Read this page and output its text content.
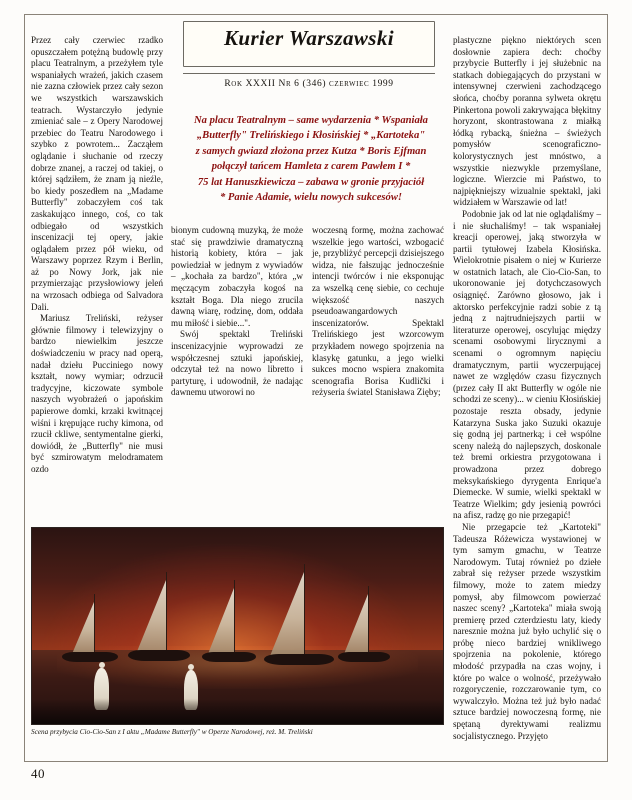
Kurier Warszawski
Rok XXXII Nr 6 (346) czerwiec 1999
Na placu Teatralnym – same wydarzenia * Wspaniała
„Butterfly" Trelińskiego i Kłosińskiej * „Kartoteka"
z samych gwiazd złożona przez Kutza * Boris Ejfman
połączył tańcem Hamleta z carem Pawłem I *
75 lat Hanuszkiewicza – zabawa w gronie przyjaciół
* Panie Adamie, wielu nowych sukcesów!

Przez cały czerwiec rzadko opuszczałem potężną budowlę przy placu Teatralnym, a przeżyłem tyle wspaniałych wrażeń, jakich czasem nie zazna człowiek przez cały sezon we wszystkich warszawskich teatrach. Wystarczyło jedynie zmieniać sale – z Opery Narodowej przebiec do Teatru Narodowego i szybko z powrotem... Zacząłem oglądanie i słuchanie od rzeczy dobrze znanej, a raczej od takiej, o której sądziłem, że znam ją nieźle, bo kiedy poszedłem na „Madame Butterfly" zobaczyłem coś tak zaskakująco innego, coś, co tak odbiegało od wszystkich inscenizacji tej opery, jakie oglądałem przez pół wieku, od Warszawy poprzez Rzym i Berlin, aż po Nowy Jork, jak nie przymierzając przysłowiowy jeleń na wrzosach odbiega od Salvadora Dali.

Mariusz Treliński, reżyser głównie filmowy i telewizyjny o bardzo niewielkim jeszcze doświadczeniu w pracy nad operą, nadał dziełu Pucciniego nowy kształt, nowy wymiar; odrzucił tradycyjne, kiczowate symbole naszych wyobrażeń o japońskim papierowe domki, krzaki kwitnącej wiśni i krępujące ruchy kimona, od rzucił ckliwe, sentymentalne gierki, dowiódł, że „Butterfly" nie musi być szmirowatym melodramatem ozdo

bionym cudowną muzyką, że może stać się prawdziwie dramatyczną historią kobiety, która – jak powiedział w jednym z wywiadów – „kochała za bardzo", która „w męczącym zobaczyła kogoś na kształt Boga. Dla niego zrucila dawną wiarę, rodzinę, dom, oddała mu miłość i siebie...".

Swój spektakl Treliński inscenizacyjnie wyprowadzi ze współczesnej sztuki japońskiej, odczytał też na nowo libretto i partyturę, i udowodnił, że nadając dawnemu utworowi no

woczesną formę, można zachować wszelkie jego wartości, wzbogacić je, przybliżyć percepcji dzisiejszego widza, nie fałszując jednocześnie intencji twórców i nie eksponując za wszelką cenę siebie, co cechuje większość naszych pseudoawangardowych inscenizatorów. Spektakl Trelińskiego jest wzorcowym przykładem nowego spojrzenia na klasykę gatunku, a jego wielki sukces mocno wspiera znakomita scenografia Borisa Kudlički i reżyseria światel Stanisława Zięby;

plastyczne piękno niektórych scen dosłownie zapiera dech: choćby przybycie Butterfly i jej służebnic na statkach dobiegających do przystani w intensywnej czerwieni zachodzącego słońca, choćby poranna sylweta okrętu Pinkertona powoli zakrywająca błękitny horyzont, skontrastowana z miałką łódką rybacką, śnieżna – świeżych pomysłów scenograficzno-kolorystycznych jest mnóstwo, a wszystkie niezwykle przemyślane, logiczne. Wierzcie mi Państwo, to najpiękniejszy wizualnie spektakl, jaki widziałem w Warszawie od lat!

Podobnie jak od lat nie oglądaliśmy – i nie słuchaliśmy! – tak wspaniałej kreacji operowej, jaką stworzyła w partii tytułowej Izabela Kłosińska. Wielokrotnie pisałem o niej w Kurierze w ostatnich latach, ale Cio-Cio-San, to ukoronowanie jej dotychczasowych osiągnięć. Zarówno głosowo, jak i aktorsko perfekcyjnie radzi sobie z tą jedną z najtrudniejszych partii w literaturze operowej, oscylując między scenami osobowymi lirycznymi a scenami o ogromnym napięciu dramatycznym, partii wyczerpującej nawet ze względów czasu fizycznych (przez cały II akt Butterfly w ogóle nie schodzi ze sceny)... w cieniu Kłosińskiej pozostaje reszta obsady, jedynie Katarzyna Suska jako Suzuki okazuje się godną jej partnerką; i ceł wspólne sceny należą do najlepszych, doskonale też bremi orkiestra przygotowana i prowadzona przez dobrego meksykańskiego dyrygenta Enrique'a Diemecke. W sumie, wielki spektakl w Teatrze Wielkim; gdy jesienią powróci na afisz, radzę go nie przegapić!

Nie przegapcie też „Kartoteki" Tadeusza Różewicza wystawionej w tym samym gmachu, w Teatrze Narodowym. Tutaj również po dziełe zabrał się reżyser przede wszystkim filmowy, może to zatem miedzy pomysł, aby filmowcom powierzać naszec sceny? „Kartoteka" miała swoją premierę przed czterdziestu laty, kiedy naresznie można już było uchylić się o próbę nieco bardziej wnikliwego spojrzenia na pokolenie, którego młodość przypadła na czas wojny, i które po walce o wolność, przeżywało rozgoryczenie, rozczarowanie tym, co wywalczyło. Można też już było nadać sztuce bardziej nowoczesną formę, nie spętaną dyrektywami realizmu socjalistycznego. Przyjęto

Scena przybycia Cio-Cio-San z I aktu „Madame Butterfly" w Operze Narodowej, reż. M. Treliński
40
